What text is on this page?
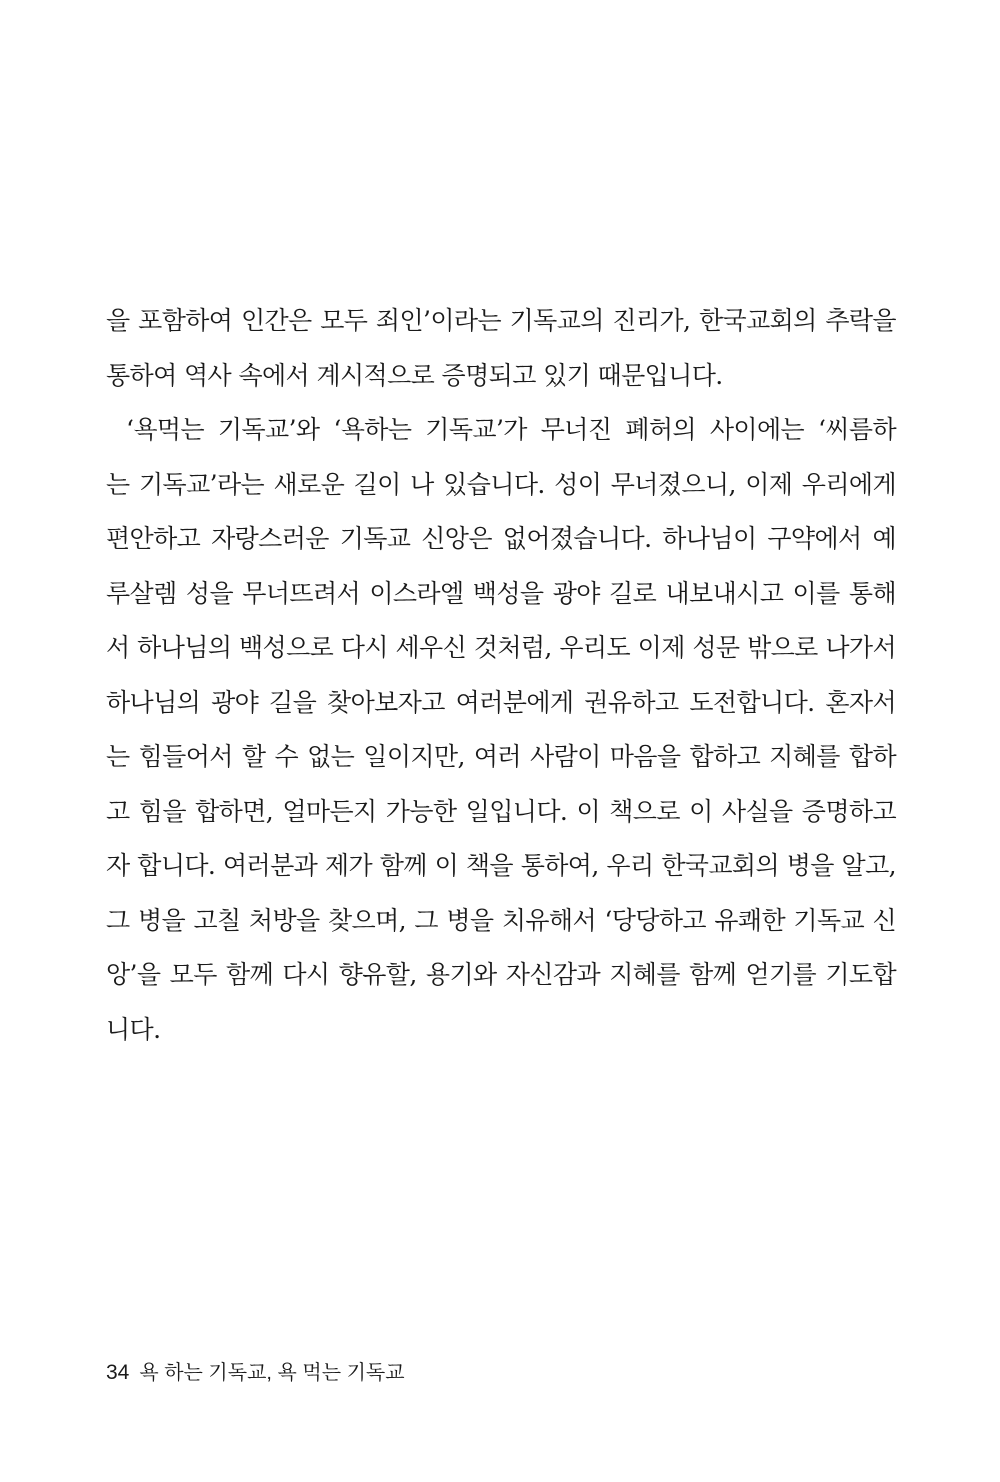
을 포함하여 인간은 모두 죄인’이라는 기독교의 진리가, 한국교회의 추락을
통하여 역사 속에서 계시적으로 증명되고 있기 때문입니다.
‘욕먹는 기독교’와 ‘욕하는 기독교’가 무너진 폐허의 사이에는 ‘씨름하
는 기독교’라는 새로운 길이 나 있습니다. 성이 무너졌으니, 이제 우리에게
편안하고 자랑스러운 기독교 신앙은 없어졌습니다. 하나님이 구약에서 예
루살렘 성을 무너뜨려서 이스라엘 백성을 광야 길로 내보내시고 이를 통해
서 하나님의 백성으로 다시 세우신 것처럼, 우리도 이제 성문 밖으로 나가서
하나님의 광야 길을 찾아보자고 여러분에게 권유하고 도전합니다. 혼자서
는 힘들어서 할 수 없는 일이지만, 여러 사람이 마음을 합하고 지혜를 합하
고 힘을 합하면, 얼마든지 가능한 일입니다. 이 책으로 이 사실을 증명하고
자 합니다. 여러분과 제가 함께 이 책을 통하여, 우리 한국교회의 병을 알고,
그 병을 고칠 처방을 찾으며, 그 병을 치유해서 ‘당당하고 유쾌한 기독교 신
앙’을 모두 함께 다시 향유할, 용기와 자신감과 지혜를 함께 얻기를 기도합
니다.
34 욕 하는 기독교, 욕 먹는 기독교
